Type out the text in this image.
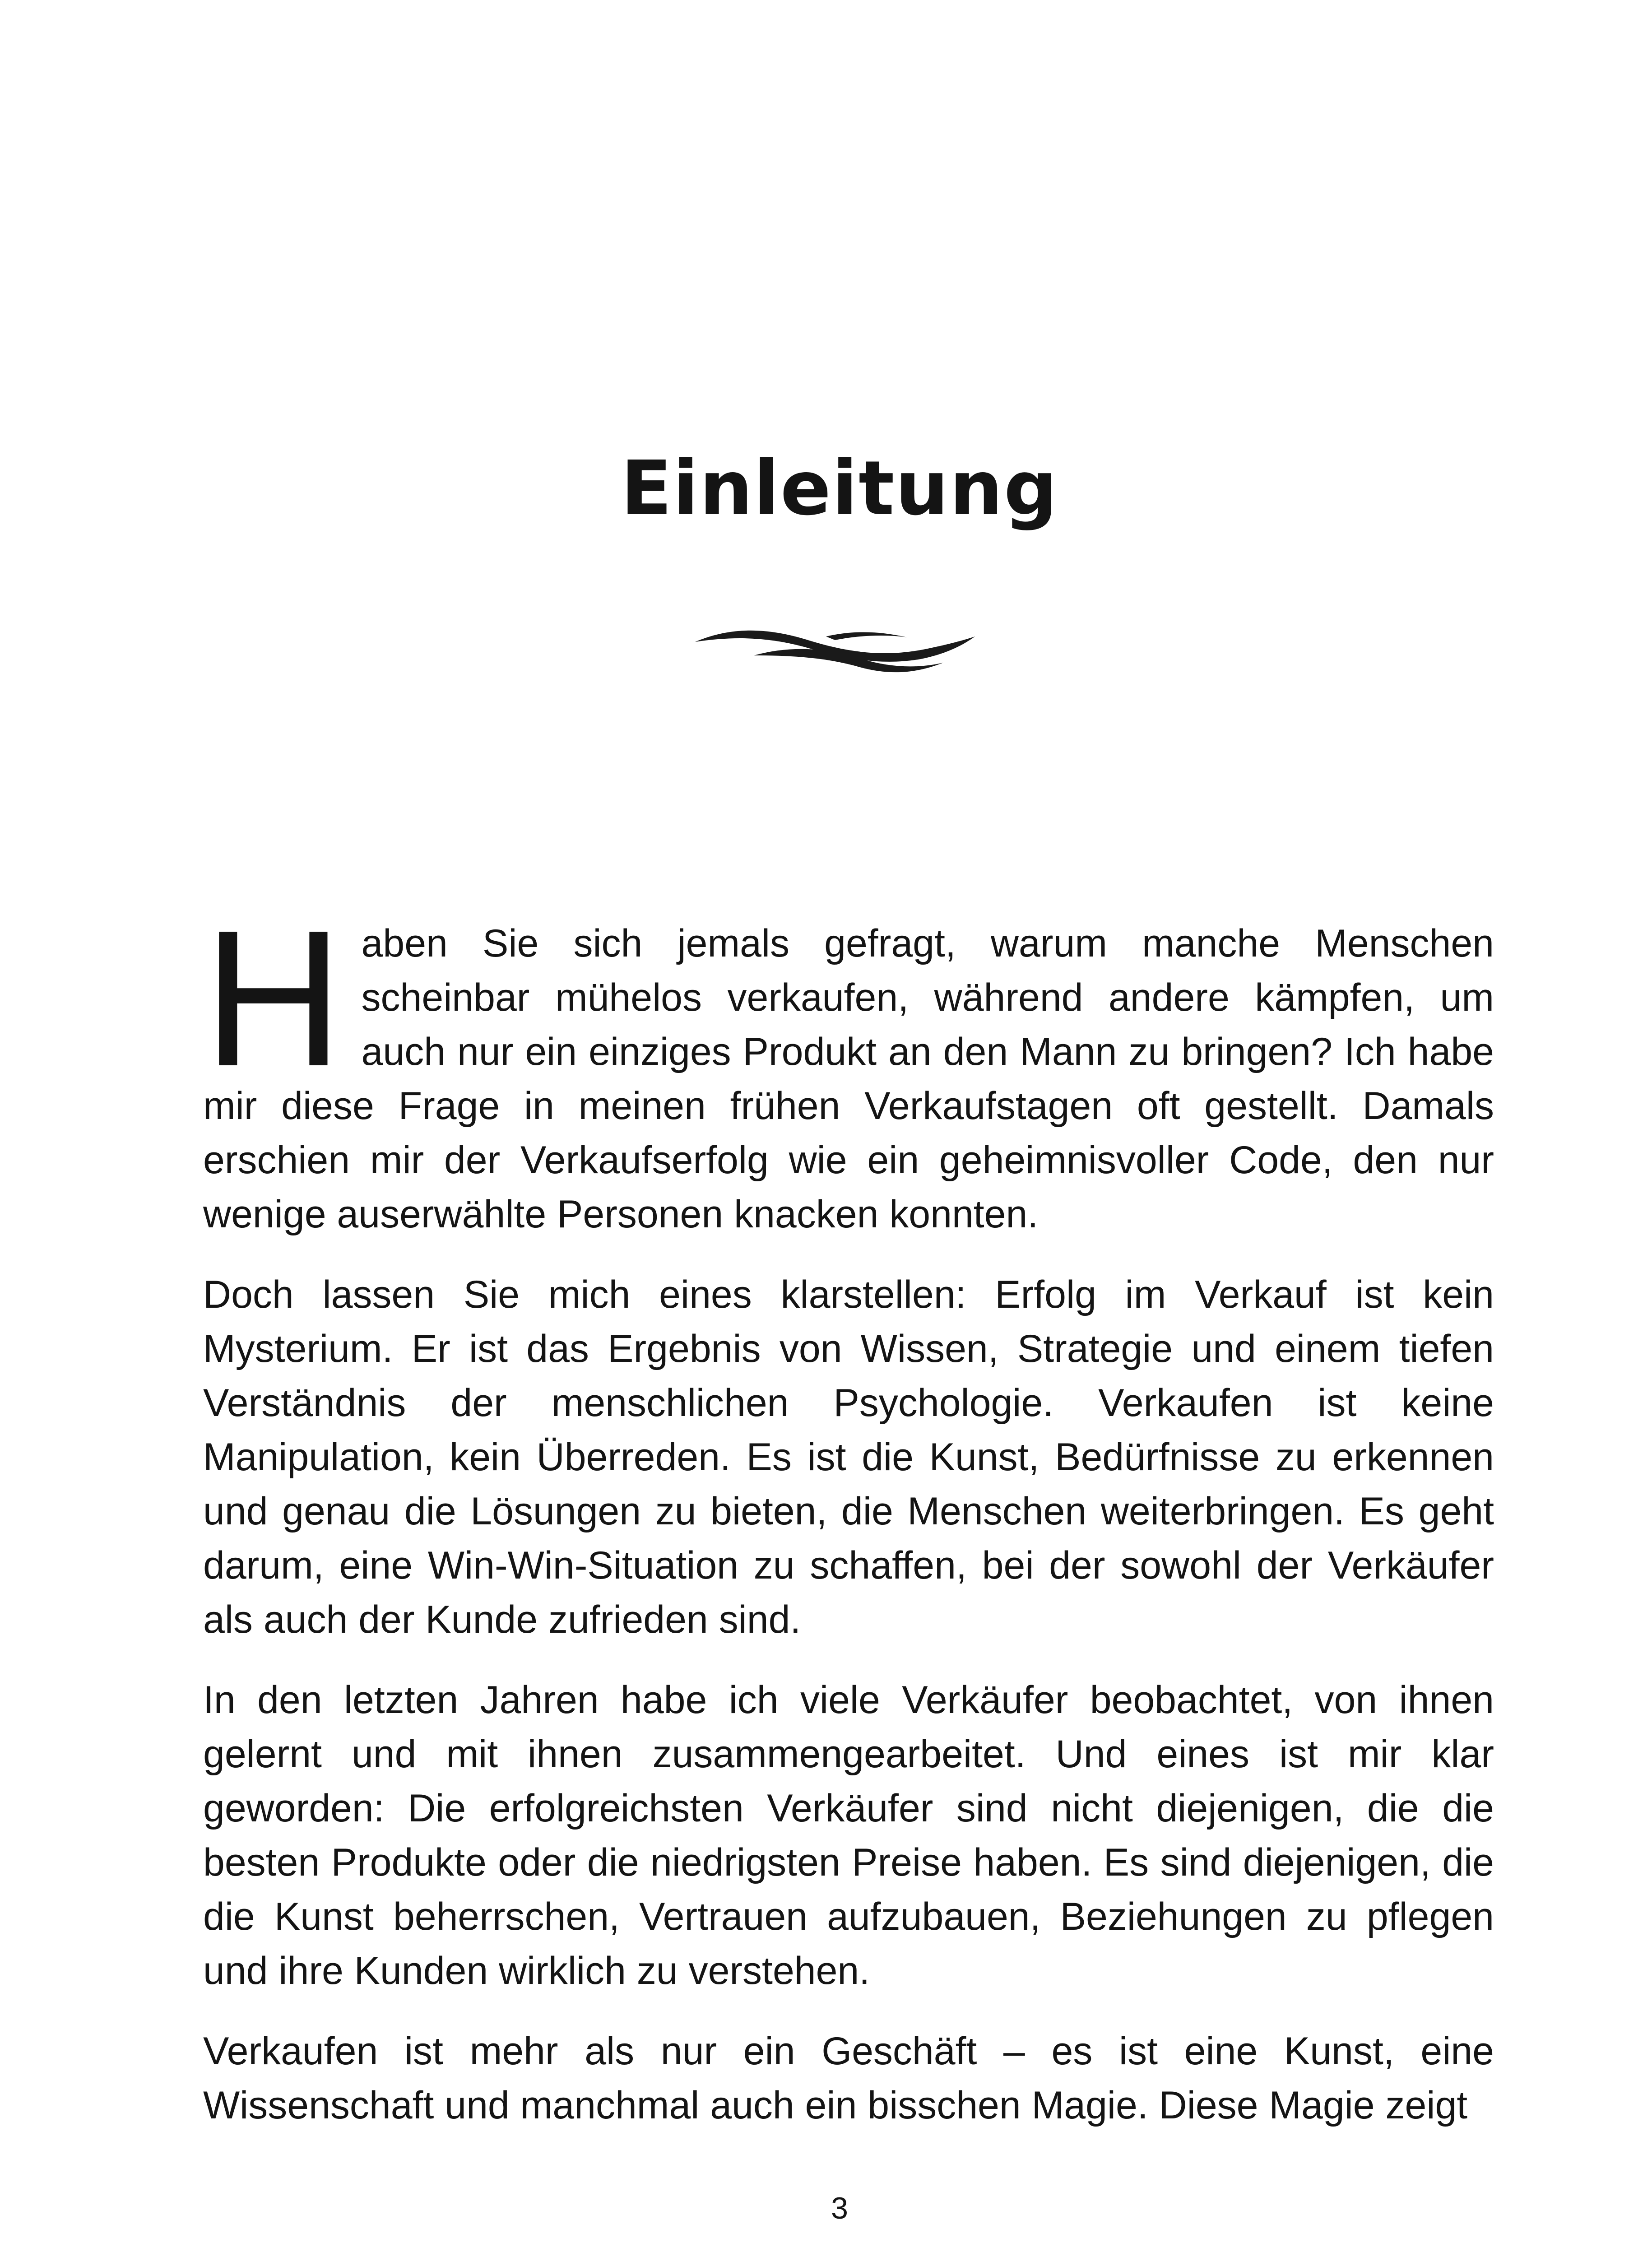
Einleitung

Haben Sie sich jemals gefragt, warum manche Menschen scheinbar mühelos verkaufen, während andere kämpfen, um auch nur ein einziges Produkt an den Mann zu bringen? Ich habe mir diese Frage in meinen frühen Verkaufstagen oft gestellt. Damals erschien mir der Verkaufserfolg wie ein geheimnisvoller Code, den nur wenige auserwählte Personen knacken konnten.

Doch lassen Sie mich eines klarstellen: Erfolg im Verkauf ist kein Mysterium. Er ist das Ergebnis von Wissen, Strategie und einem tiefen Verständnis der menschlichen Psychologie. Verkaufen ist keine Manipulation, kein Überreden. Es ist die Kunst, Bedürfnisse zu erkennen und genau die Lösungen zu bieten, die Menschen weiterbringen. Es geht darum, eine Win-Win-Situation zu schaffen, bei der sowohl der Verkäufer als auch der Kunde zufrieden sind.

In den letzten Jahren habe ich viele Verkäufer beobachtet, von ihnen gelernt und mit ihnen zusammengearbeitet. Und eines ist mir klar geworden: Die erfolgreichsten Verkäufer sind nicht diejenigen, die die besten Produkte oder die niedrigsten Preise haben. Es sind diejenigen, die die Kunst beherrschen, Vertrauen aufzubauen, Beziehungen zu pflegen und ihre Kunden wirklich zu verstehen.

Verkaufen ist mehr als nur ein Geschäft – es ist eine Kunst, eine Wissenschaft und manchmal auch ein bisschen Magie. Diese Magie zeigt

3
